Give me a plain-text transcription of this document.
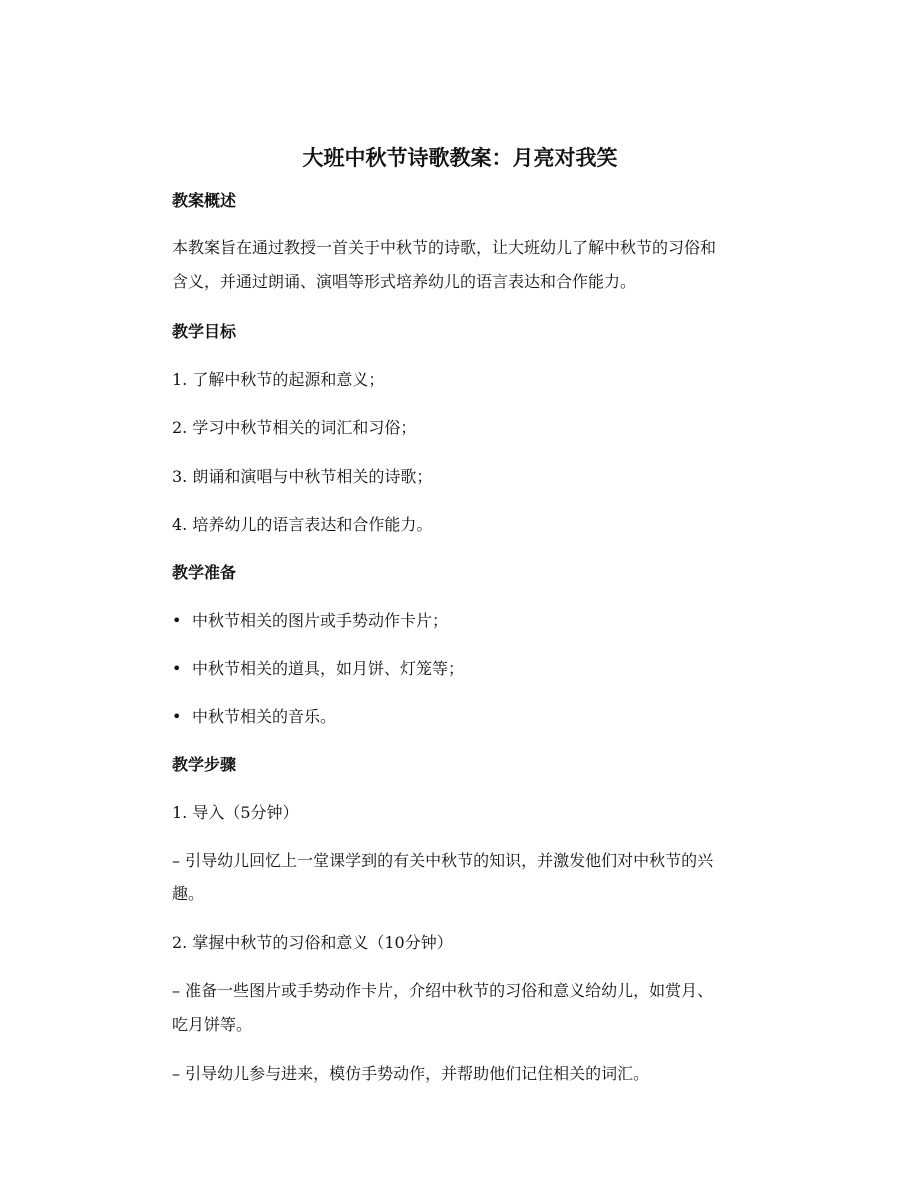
大班中秋节诗歌教案：月亮对我笑
教案概述

本教案旨在通过教授一首关于中秋节的诗歌，让大班幼儿了解中秋节的习俗和

含义，并通过朗诵、演唱等形式培养幼儿的语言表达和合作能力。

教学目标

1. 了解中秋节的起源和意义；

2. 学习中秋节相关的词汇和习俗；

3. 朗诵和演唱与中秋节相关的诗歌；

4. 培养幼儿的语言表达和合作能力。

教学准备
• 中秋节相关的图片或手势动作卡片；
• 中秋节相关的道具，如月饼、灯笼等；
• 中秋节相关的音乐。
教学步骤

1. 导入（5分钟）

– 引导幼儿回忆上一堂课学到的有关中秋节的知识，并激发他们对中秋节的兴

趣。

2. 掌握中秋节的习俗和意义（10分钟）

– 准备一些图片或手势动作卡片，介绍中秋节的习俗和意义给幼儿，如赏月、

吃月饼等。

– 引导幼儿参与进来，模仿手势动作，并帮助他们记住相关的词汇。
